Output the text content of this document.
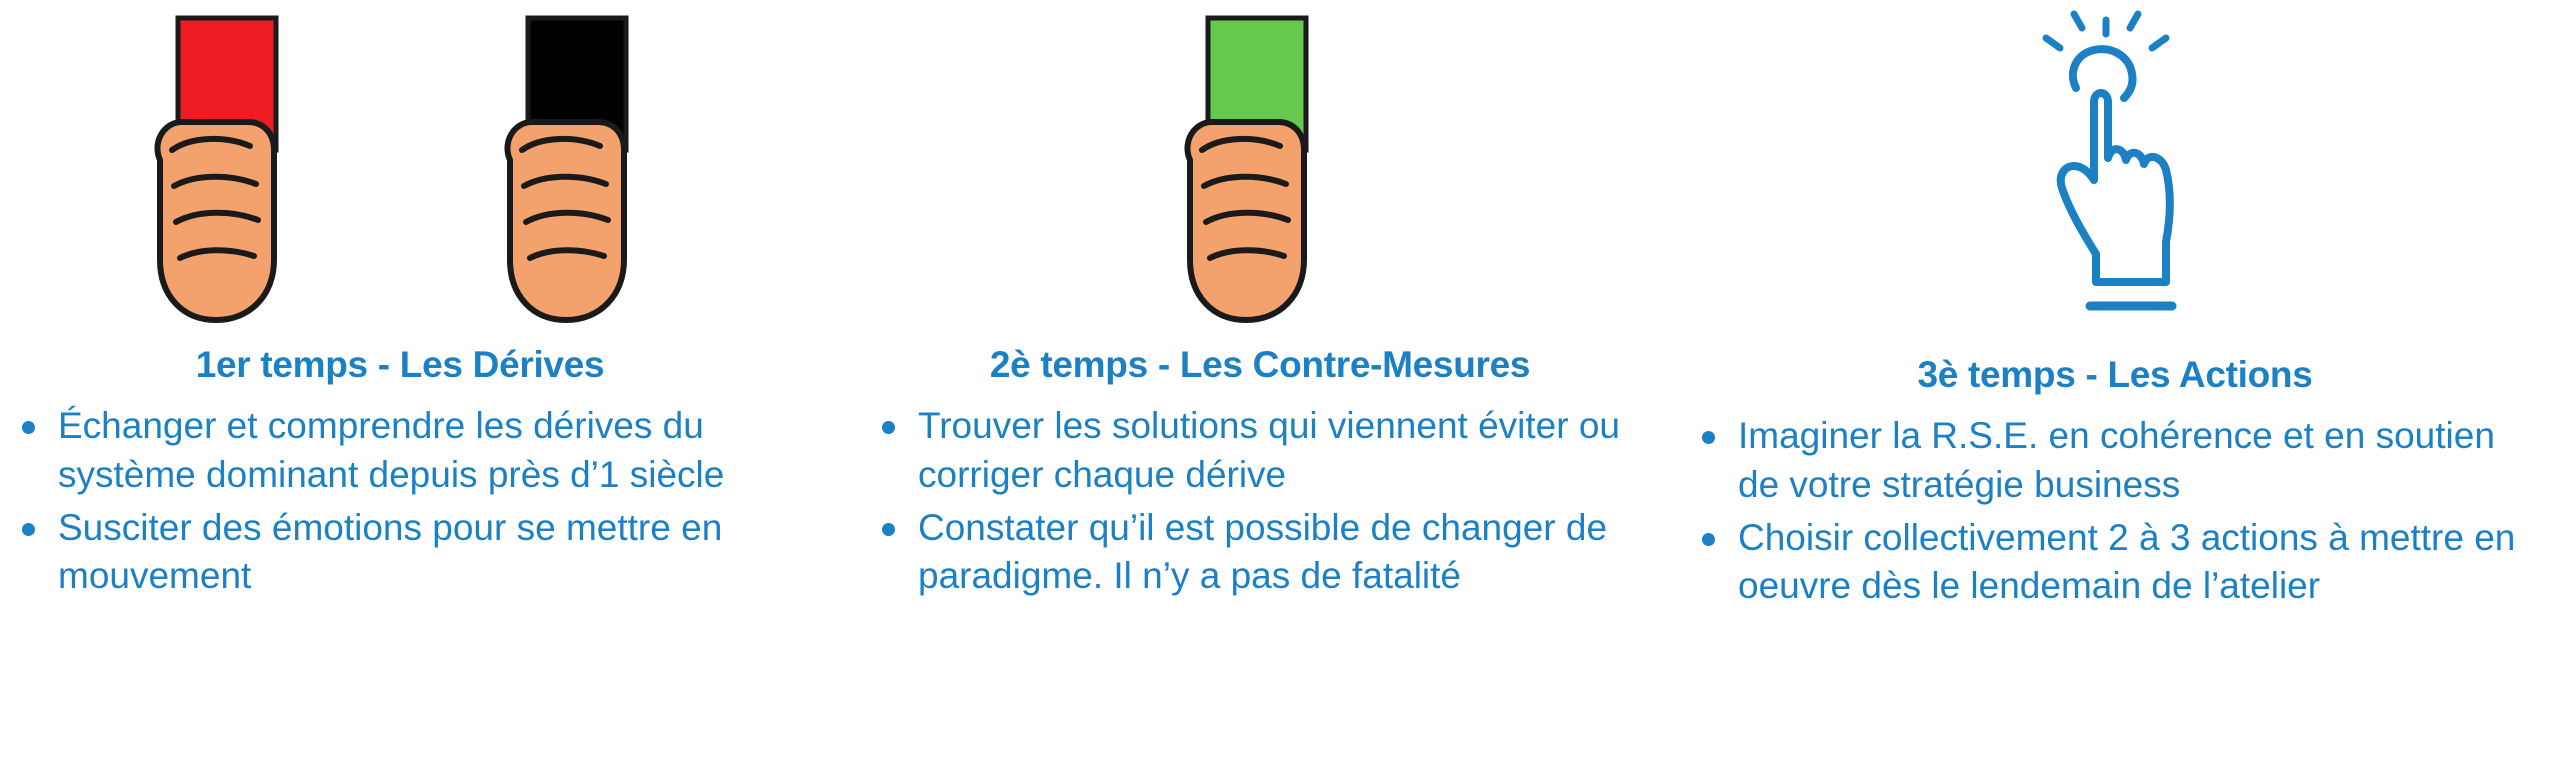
1er temps - Les Dérives
Échanger et comprendre les dérives du système dominant depuis près d’1 siècle
Susciter des émotions pour se mettre en mouvement
2è temps - Les Contre-Mesures
Trouver les solutions qui viennent éviter ou corriger chaque dérive
Constater qu’il est possible de changer de paradigme. Il n’y a pas de fatalité
3è temps - Les Actions
Imaginer la R.S.E. en cohérence et en soutien de votre stratégie business
Choisir collectivement 2 à 3 actions à mettre en oeuvre dès le lendemain de l’atelier
